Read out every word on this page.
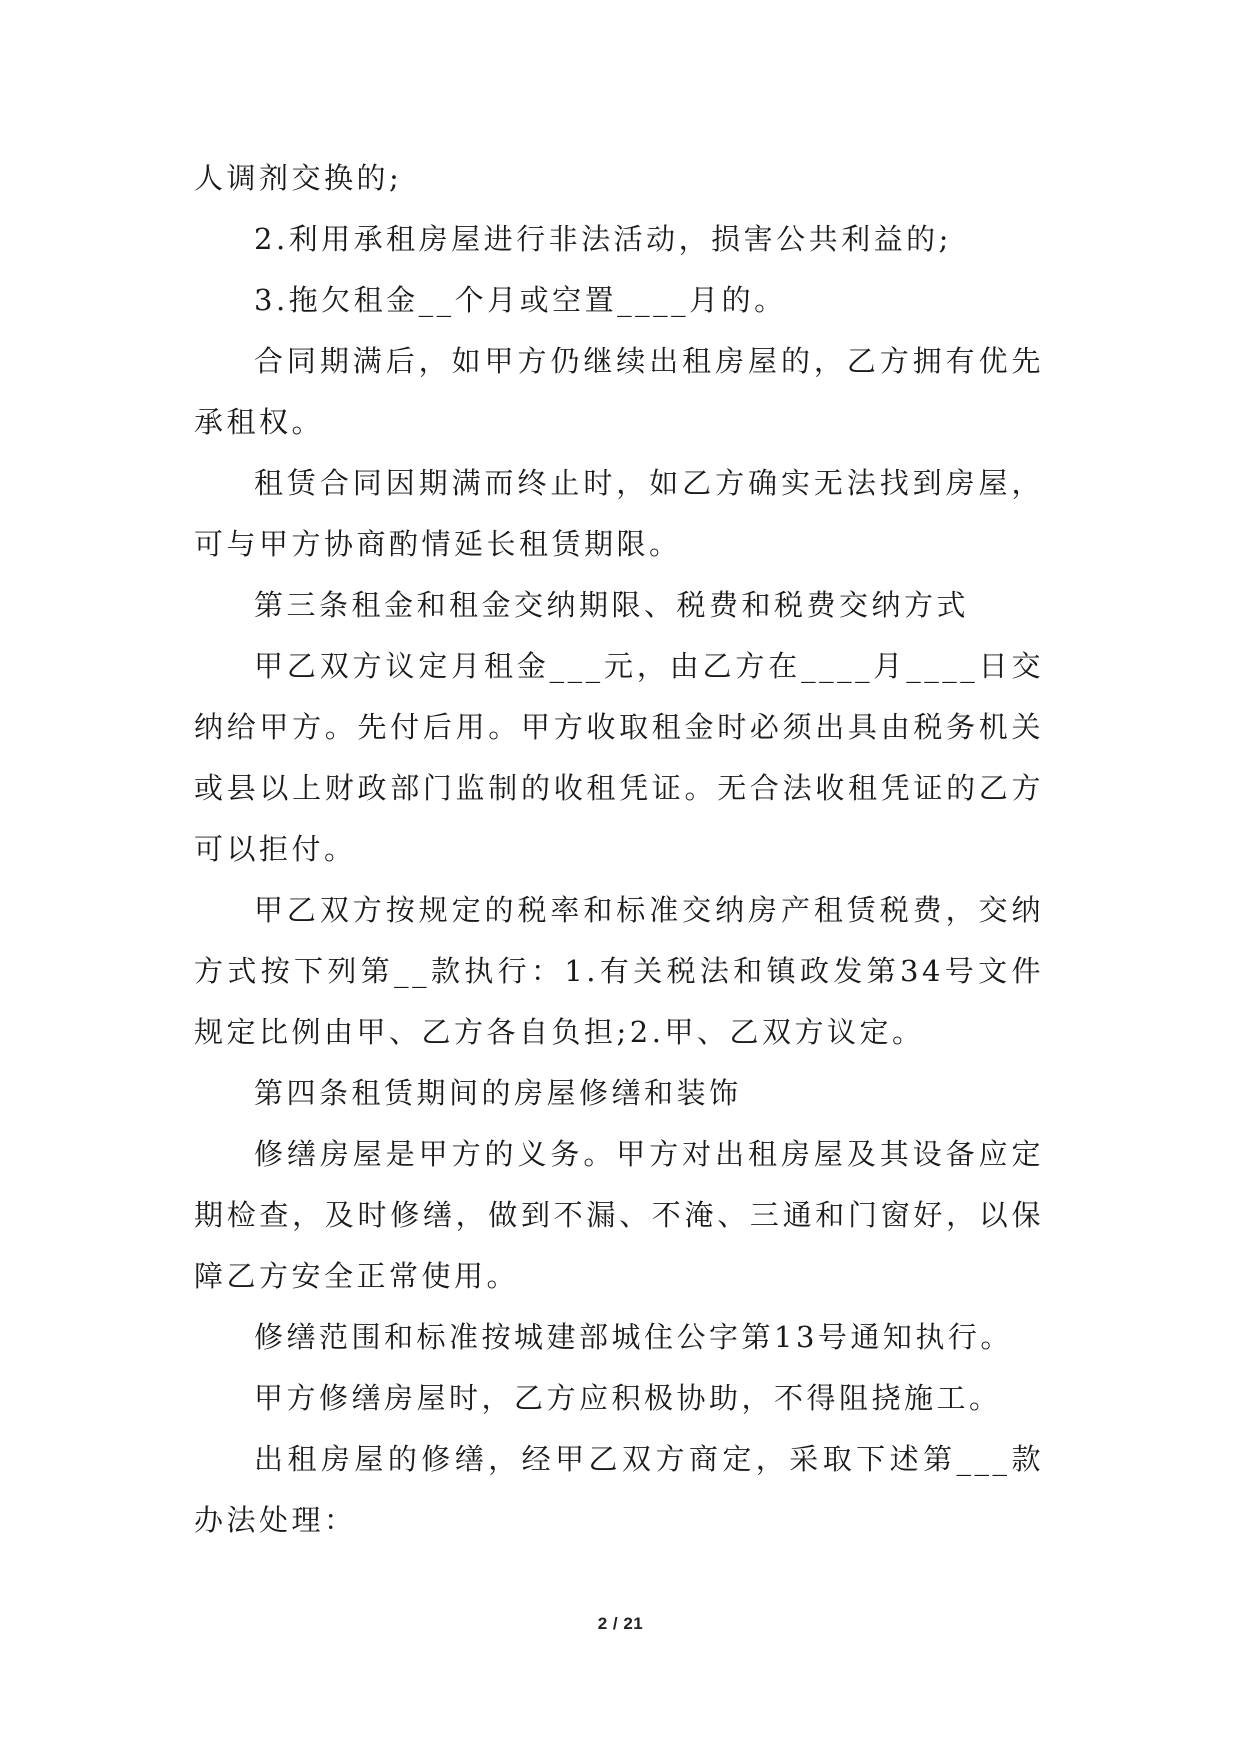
人调剂交换的;

2.利用承租房屋进行非法活动，损害公共利益的;

3.拖欠租金__个月或空置____月的。

合同期满后，如甲方仍继续出租房屋的，乙方拥有优先承租权。

租赁合同因期满而终止时，如乙方确实无法找到房屋，可与甲方协商酌情延长租赁期限。

第三条租金和租金交纳期限、税费和税费交纳方式

甲乙双方议定月租金___元，由乙方在____月____日交纳给甲方。先付后用。甲方收取租金时必须出具由税务机关或县以上财政部门监制的收租凭证。无合法收租凭证的乙方可以拒付。

甲乙双方按规定的税率和标准交纳房产租赁税费，交纳方式按下列第__款执行：1.有关税法和镇政发第34号文件规定比例由甲、乙方各自负担;2.甲、乙双方议定。

第四条租赁期间的房屋修缮和装饰

修缮房屋是甲方的义务。甲方对出租房屋及其设备应定期检查，及时修缮，做到不漏、不淹、三通和门窗好，以保障乙方安全正常使用。

修缮范围和标准按城建部城住公字第13号通知执行。

甲方修缮房屋时，乙方应积极协助，不得阻挠施工。

出租房屋的修缮，经甲乙双方商定，采取下述第___款办法处理：

2 / 21
